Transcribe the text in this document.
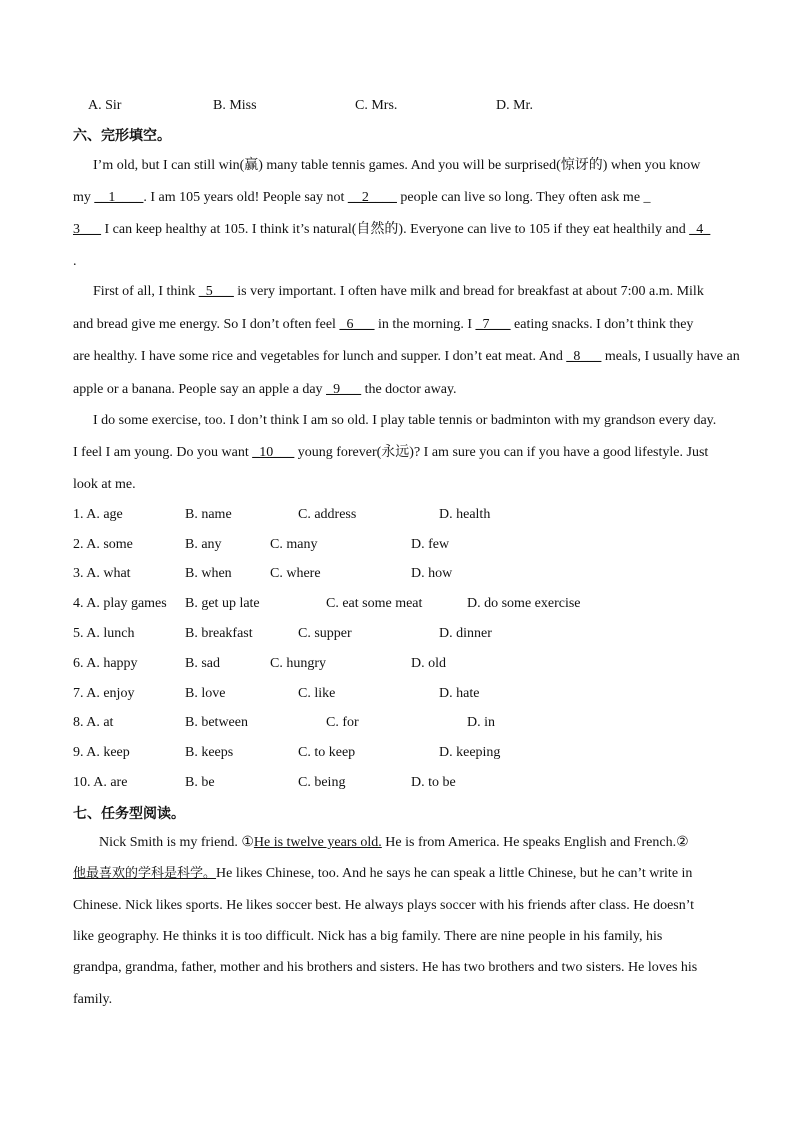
A. Sir	B. Miss	C. Mrs.	D. Mr.
六、完形填空。
I’m old, but I can still win(赢) many table tennis games. And you will be surprised(惊讶的) when you know
my __1____. I am 105 years old! People say not __2____ people can live so long. They often ask me _
3___ I can keep healthy at 105. I think it’s natural(自然的). Everyone can live to 105 if they eat healthily and _4_
.
First of all, I think _5___ is very important. I often have milk and bread for breakfast at about 7:00 a.m. Milk
and bread give me energy. So I don’t often feel _6___ in the morning. I _7___ eating snacks. I don’t think they
are healthy. I have some rice and vegetables for lunch and supper. I don’t eat meat. And _8___ meals, I usually have an
apple or a banana. People say an apple a day _9___ the doctor away.
I do some exercise, too. I don’t think I am so old. I play table tennis or badminton with my grandson every day.
I feel I am young. Do you want _10___ young forever(永远)? I am sure you can if you have a good lifestyle. Just
look at me.
1. A. age	B. name	C. address	D. health
2. A. some	B. any	C. many	D. few
3. A. what	B. when	C. where	D. how
4. A. play games B. get up late	C. eat some meat	D. do some exercise
5. A. lunch	B. breakfast	C. supper	D. dinner
6. A. happy	B. sad	C. hungry	D. old
7. A. enjoy	B. love	C. like	D. hate
8. A. at	B. between	C. for	D. in
9. A. keep	B. keeps	C. to keep	D. keeping
10. A. are	B. be	C. being	D. to be
七、任务型阅读。
Nick Smith is my friend. ①He is twelve years old. He is from America. He speaks English and French.②
他最喜欢的学科是科学。He likes Chinese, too. And he says he can speak a little Chinese, but he can’t write in
Chinese. Nick likes sports. He likes soccer best. He always plays soccer with his friends after class. He doesn’t
like geography. He thinks it is too difficult. Nick has a big family. There are nine people in his family, his
grandpa, grandma, father, mother and his brothers and sisters. He has two brothers and two sisters. He loves his
family.
